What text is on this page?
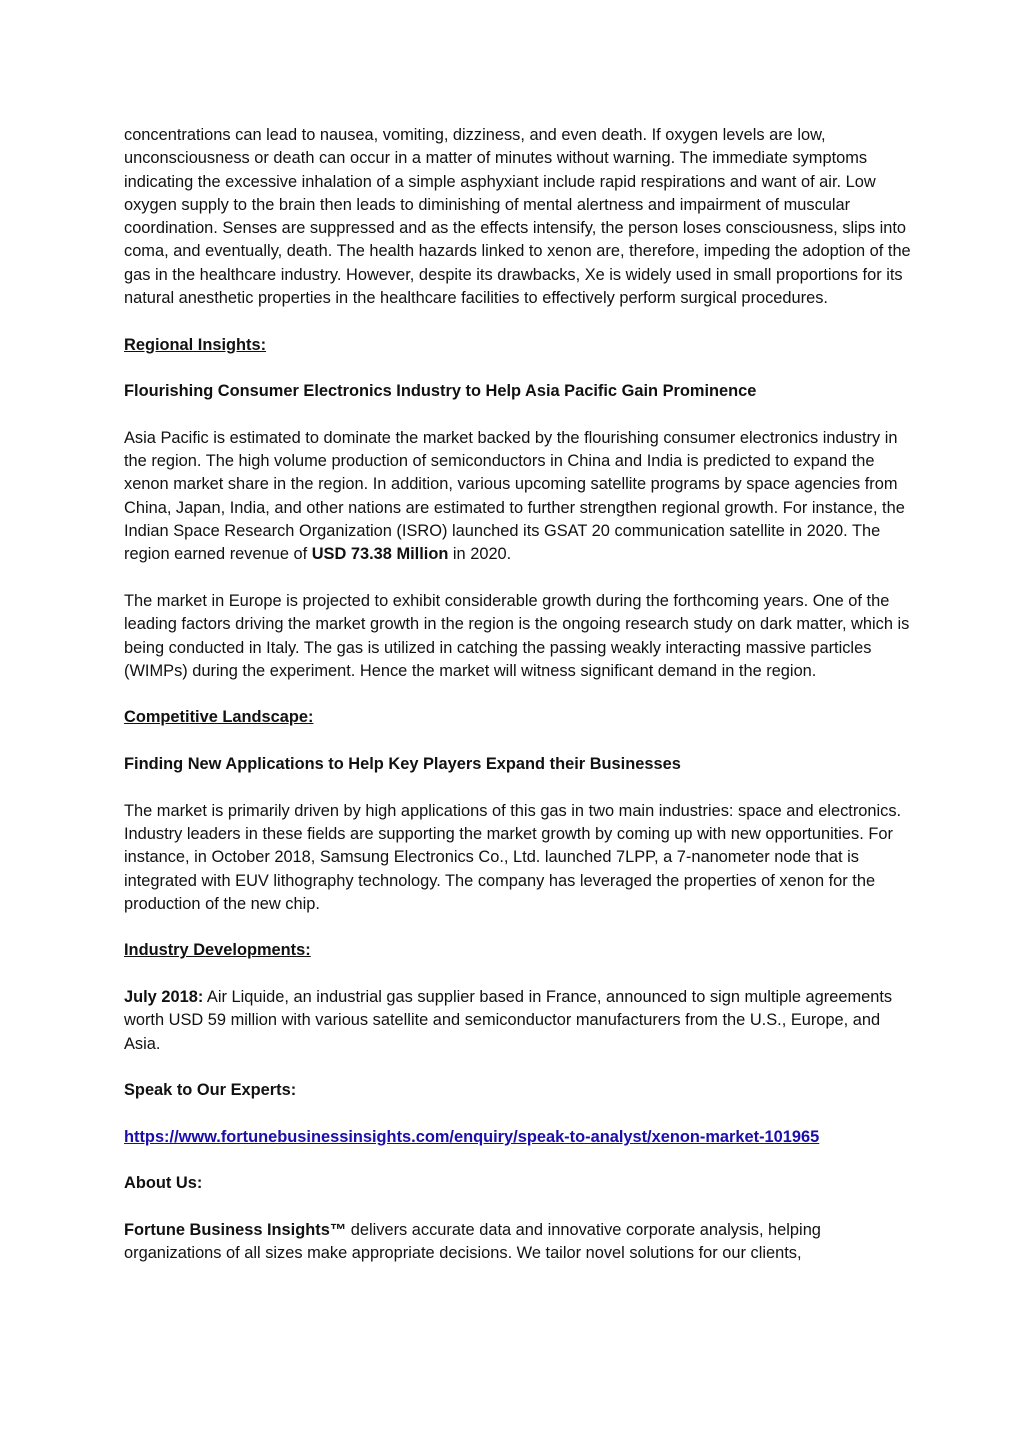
concentrations can lead to nausea, vomiting, dizziness, and even death. If oxygen levels are low, unconsciousness or death can occur in a matter of minutes without warning. The immediate symptoms indicating the excessive inhalation of a simple asphyxiant include rapid respirations and want of air. Low oxygen supply to the brain then leads to diminishing of mental alertness and impairment of muscular coordination. Senses are suppressed and as the effects intensify, the person loses consciousness, slips into coma, and eventually, death. The health hazards linked to xenon are, therefore, impeding the adoption of the gas in the healthcare industry. However, despite its drawbacks, Xe is widely used in small proportions for its natural anesthetic properties in the healthcare facilities to effectively perform surgical procedures.

Regional Insights:

Flourishing Consumer Electronics Industry to Help Asia Pacific Gain Prominence

Asia Pacific is estimated to dominate the market backed by the flourishing consumer electronics industry in the region. The high volume production of semiconductors in China and India is predicted to expand the xenon market share in the region. In addition, various upcoming satellite programs by space agencies from China, Japan, India, and other nations are estimated to further strengthen regional growth. For instance, the Indian Space Research Organization (ISRO) launched its GSAT 20 communication satellite in 2020. The region earned revenue of USD 73.38 Million in 2020.

The market in Europe is projected to exhibit considerable growth during the forthcoming years. One of the leading factors driving the market growth in the region is the ongoing research study on dark matter, which is being conducted in Italy. The gas is utilized in catching the passing weakly interacting massive particles (WIMPs) during the experiment. Hence the market will witness significant demand in the region.

Competitive Landscape:

Finding New Applications to Help Key Players Expand their Businesses

The market is primarily driven by high applications of this gas in two main industries: space and electronics. Industry leaders in these fields are supporting the market growth by coming up with new opportunities. For instance, in October 2018, Samsung Electronics Co., Ltd. launched 7LPP, a 7-nanometer node that is integrated with EUV lithography technology. The company has leveraged the properties of xenon for the production of the new chip.

Industry Developments:

July 2018: Air Liquide, an industrial gas supplier based in France, announced to sign multiple agreements worth USD 59 million with various satellite and semiconductor manufacturers from the U.S., Europe, and Asia.

Speak to Our Experts:

https://www.fortunebusinessinsights.com/enquiry/speak-to-analyst/xenon-market-101965

About Us:

Fortune Business Insights™ delivers accurate data and innovative corporate analysis, helping organizations of all sizes make appropriate decisions. We tailor novel solutions for our clients,
